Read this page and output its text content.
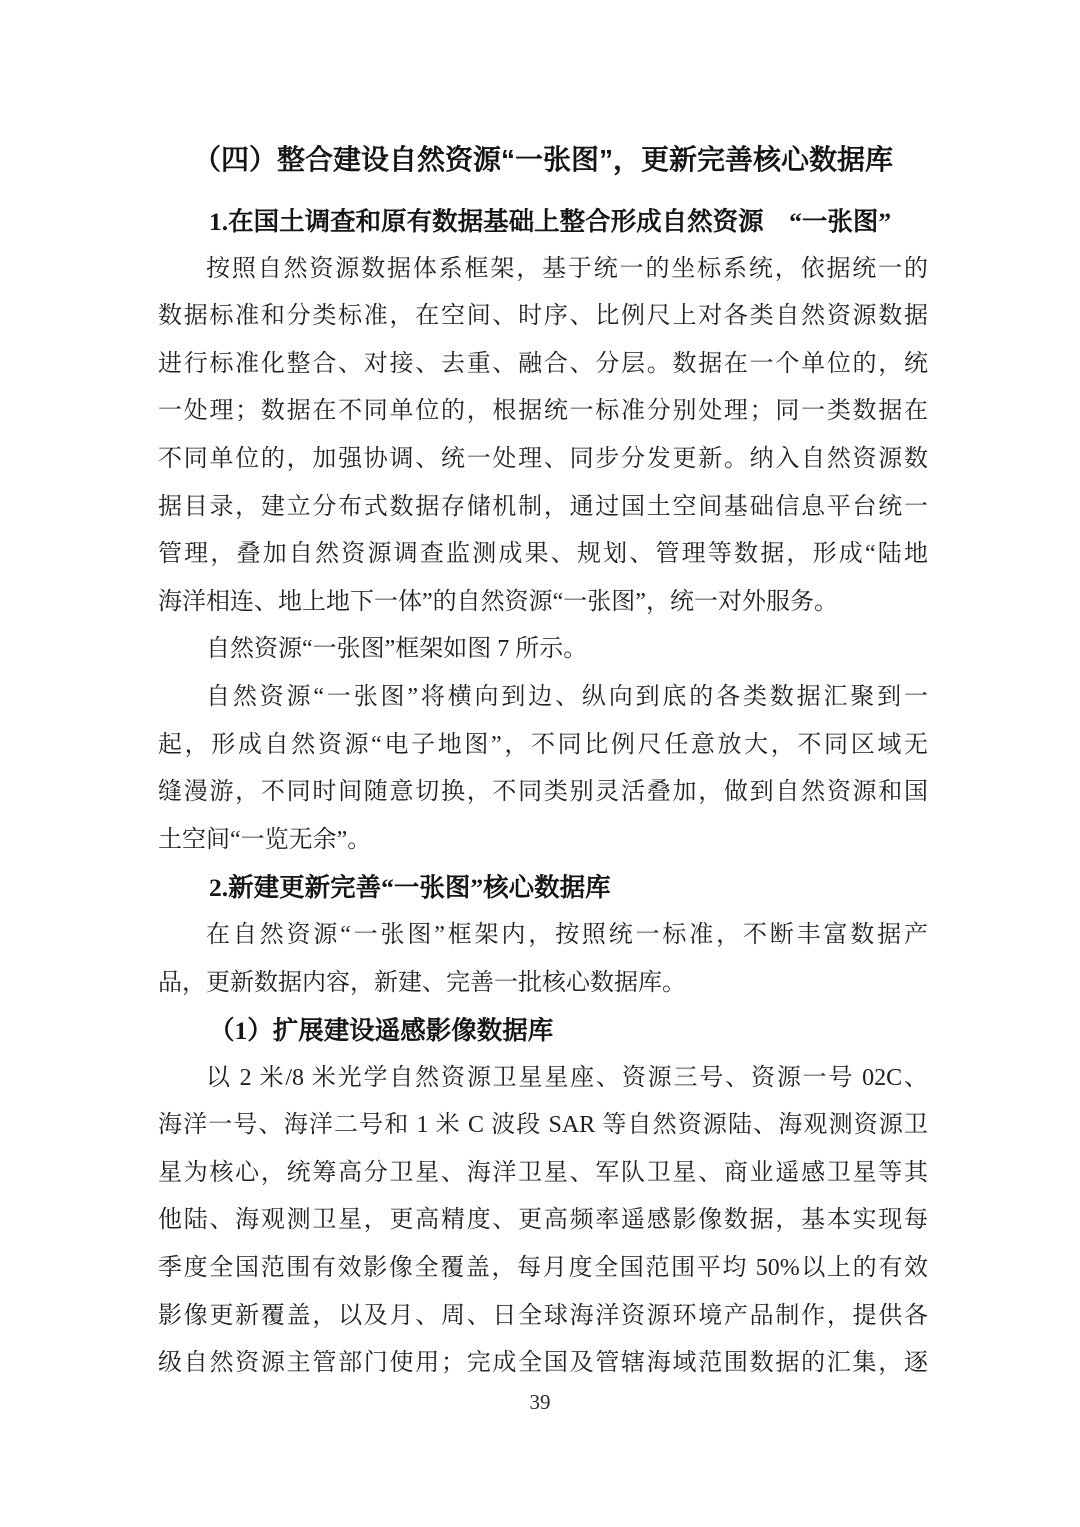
（四）整合建设自然资源“一张图”，更新完善核心数据库
1.在国土调查和原有数据基础上整合形成自然资源　“一张图”
按照自然资源数据体系框架，基于统一的坐标系统，依据统一的
数据标准和分类标准，在空间、时序、比例尺上对各类自然资源数据
进行标准化整合、对接、去重、融合、分层。数据在一个单位的，统
一处理；数据在不同单位的，根据统一标准分别处理；同一类数据在
不同单位的，加强协调、统一处理、同步分发更新。纳入自然资源数
据目录，建立分布式数据存储机制，通过国土空间基础信息平台统一
管理，叠加自然资源调查监测成果、规划、管理等数据，形成“陆地
海洋相连、地上地下一体”的自然资源“一张图”，统一对外服务。
自然资源“一张图”框架如图 7 所示。
自然资源“一张图”将横向到边、纵向到底的各类数据汇聚到一
起，形成自然资源“电子地图”，不同比例尺任意放大，不同区域无
缝漫游，不同时间随意切换，不同类别灵活叠加，做到自然资源和国
土空间“一览无余”。
2.新建更新完善“一张图”核心数据库
在自然资源“一张图”框架内，按照统一标准，不断丰富数据产
品，更新数据内容，新建、完善一批核心数据库。
（1）扩展建设遥感影像数据库
以 2 米/8 米光学自然资源卫星星座、资源三号、资源一号 02C、
海洋一号、海洋二号和 1 米 C 波段 SAR 等自然资源陆、海观测资源卫
星为核心，统筹高分卫星、海洋卫星、军队卫星、商业遥感卫星等其
他陆、海观测卫星，更高精度、更高频率遥感影像数据，基本实现每
季度全国范围有效影像全覆盖，每月度全国范围平均 50%以上的有效
影像更新覆盖，以及月、周、日全球海洋资源环境产品制作，提供各
级自然资源主管部门使用；完成全国及管辖海域范围数据的汇集，逐
39
